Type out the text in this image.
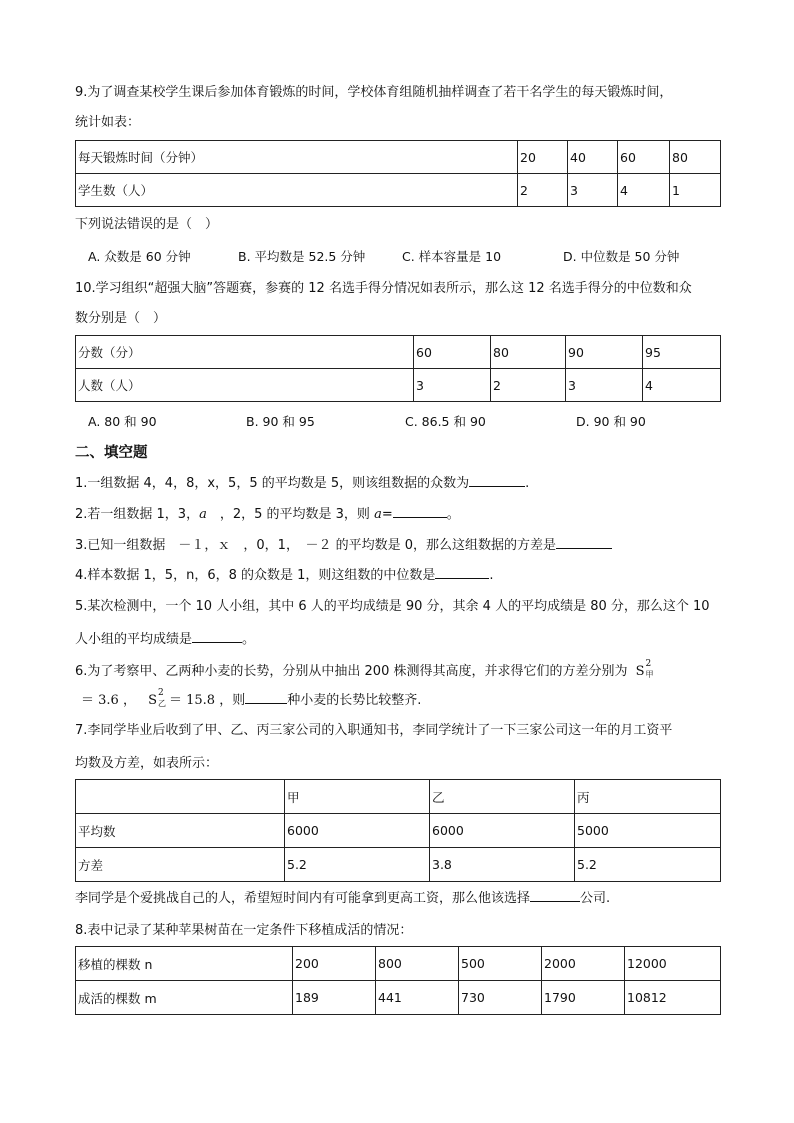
9.为了调查某校学生课后参加体育锻炼的时间，学校体育组随机抽样调查了若干名学生的每天锻炼时间，
统计如表：
每天锻炼时间（分钟）	20	40	60	80
学生数（人）	2	3	4	1
下列说法错误的是（　）
A. 众数是 60 分钟	B. 平均数是 52.5 分钟	C. 样本容量是 10	D. 中位数是 50 分钟
10.学习组织“超强大脑”答题赛，参赛的 12 名选手得分情况如表所示，那么这 12 名选手得分的中位数和众
数分别是（　）
分数（分）	60	80	90	95
人数（人）	3	2	3	4
A. 80 和 90	B. 90 和 95	C. 86.5 和 90	D. 90 和 90
二、填空题
1.一组数据 4，4，8，x，5，5 的平均数是 5，则该组数据的众数为	.
2.若一组数据 1，3，a　，2，5 的平均数是 3，则 a=	。
3.已知一组数据　－１，ｘ　，0，1，　－２ 的平均数是 0，那么这组数据的方差是
4.样本数据 1，5，n，6，8 的众数是 1，则这组数的中位数是	.
5.某次检测中，一个 10 人小组，其中 6 人的平均成绩是 90 分，其余 4 人的平均成绩是 80 分，那么这个 10
人小组的平均成绩是	。
6.为了考察甲、乙两种小麦的长势，分别从中抽出 200 株测得其高度，并求得它们的方差分别为 S 2
甲
＝ 3.6 ， S 2
乙 ＝ 15.8 ，则	种小麦的长势比较整齐.
7.李同学毕业后收到了甲、乙、丙三家公司的入职通知书，李同学统计了一下三家公司这一年的月工资平
均数及方差，如表所示：
	甲	乙	丙
平均数	6000	6000	5000
方差	5.2	3.8	5.2
李同学是个爱挑战自己的人，希望短时间内有可能拿到更高工资，那么他该选择	公司.
8.表中记录了某种苹果树苗在一定条件下移植成活的情况：
移植的棵数 n	200	800	500	2000	12000
成活的棵数 m	189	441	730	1790	10812
